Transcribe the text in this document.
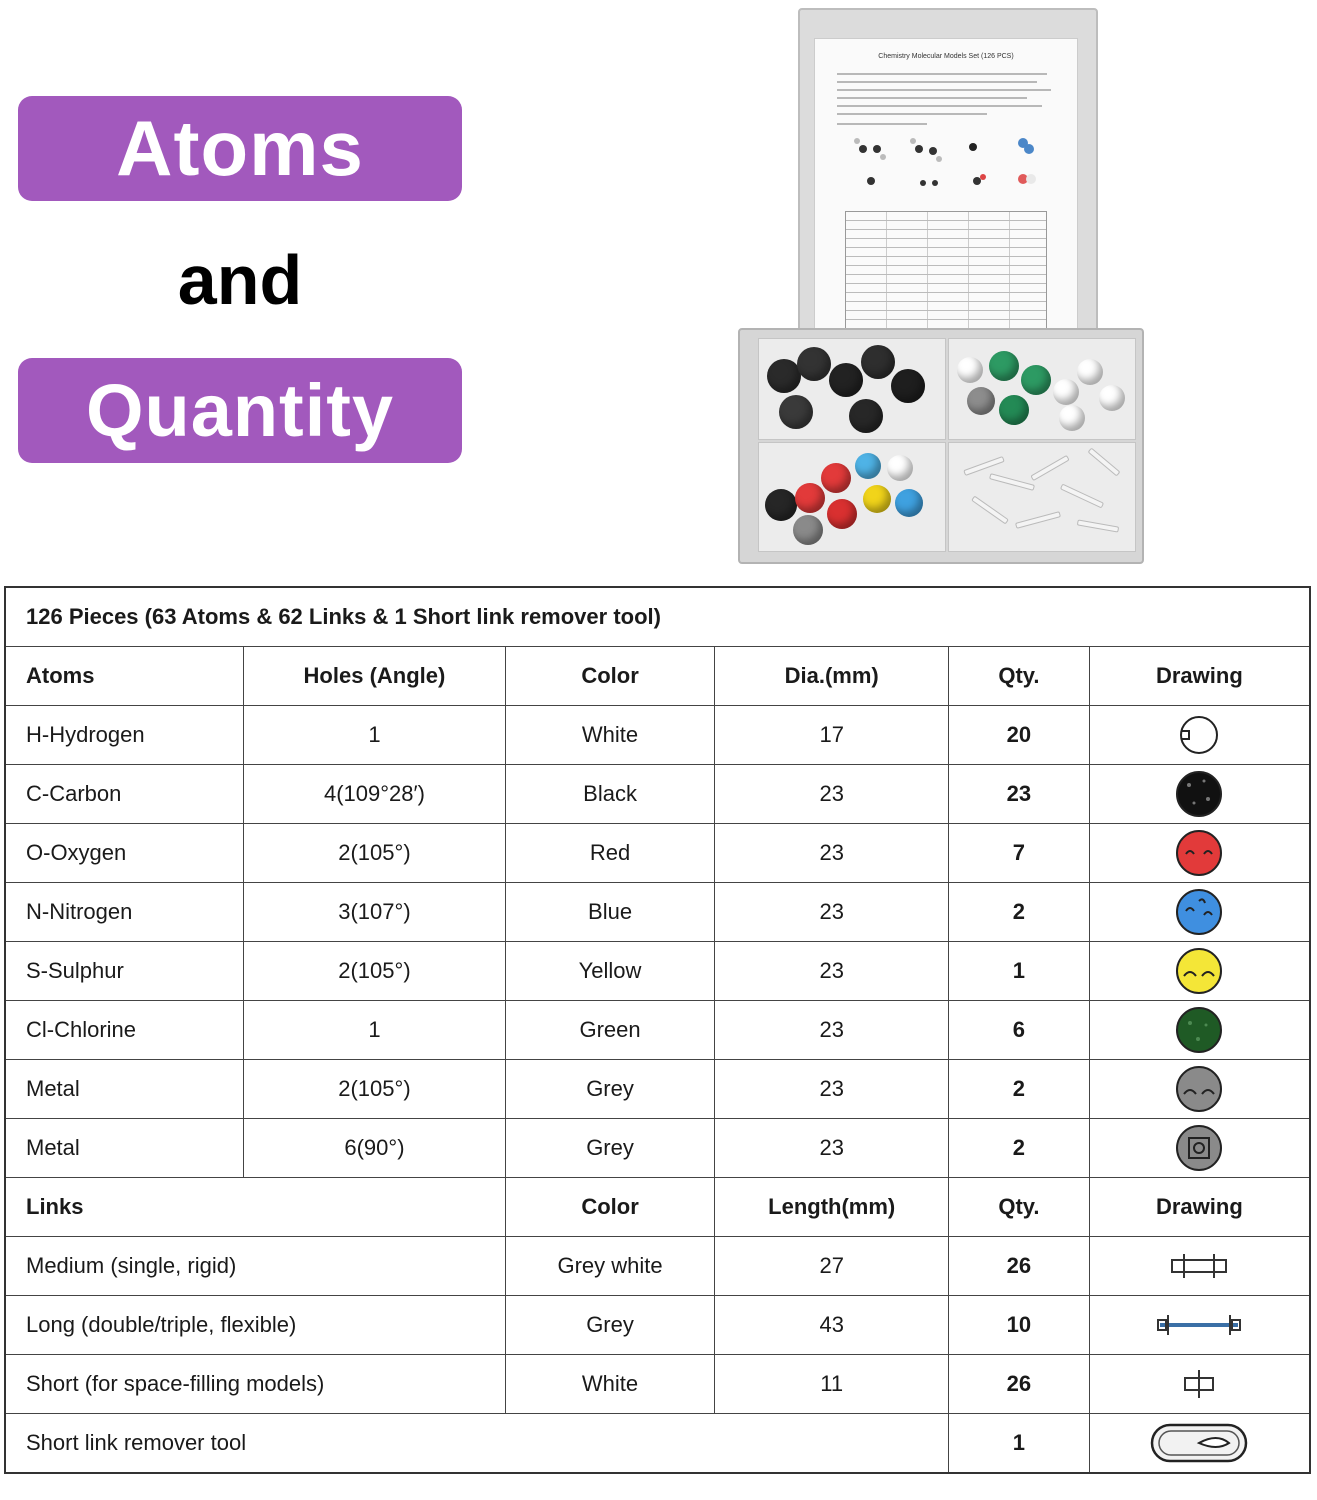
Atoms
and
Quantity
Chemistry Molecular Models Set (126 PCS)
126 Pieces (63 Atoms & 62 Links & 1 Short link remover tool)					
Atoms	Holes (Angle)	Color	Dia.(mm)	Qty.	Drawing
H-Hydrogen	1	White	17	20	

C-Carbon	4(109°28′)	Black	23	23	

O-Oxygen	2(105°)	Red	23	7	

N-Nitrogen	3(107°)	Blue	23	2	

S-Sulphur	2(105°)	Yellow	23	1	

Cl-Chlorine	1	Green	23	6	

Metal	2(105°)	Grey	23	2	

Metal	6(90°)	Grey	23	2	

Links		Color	Length(mm)	Qty.	Drawing
Medium (single, rigid)		Grey white	27	26	

Long (double/triple, flexible)		Grey	43	10	

Short (for space-filling models)		White	11	26	

Short link remover tool				1	
